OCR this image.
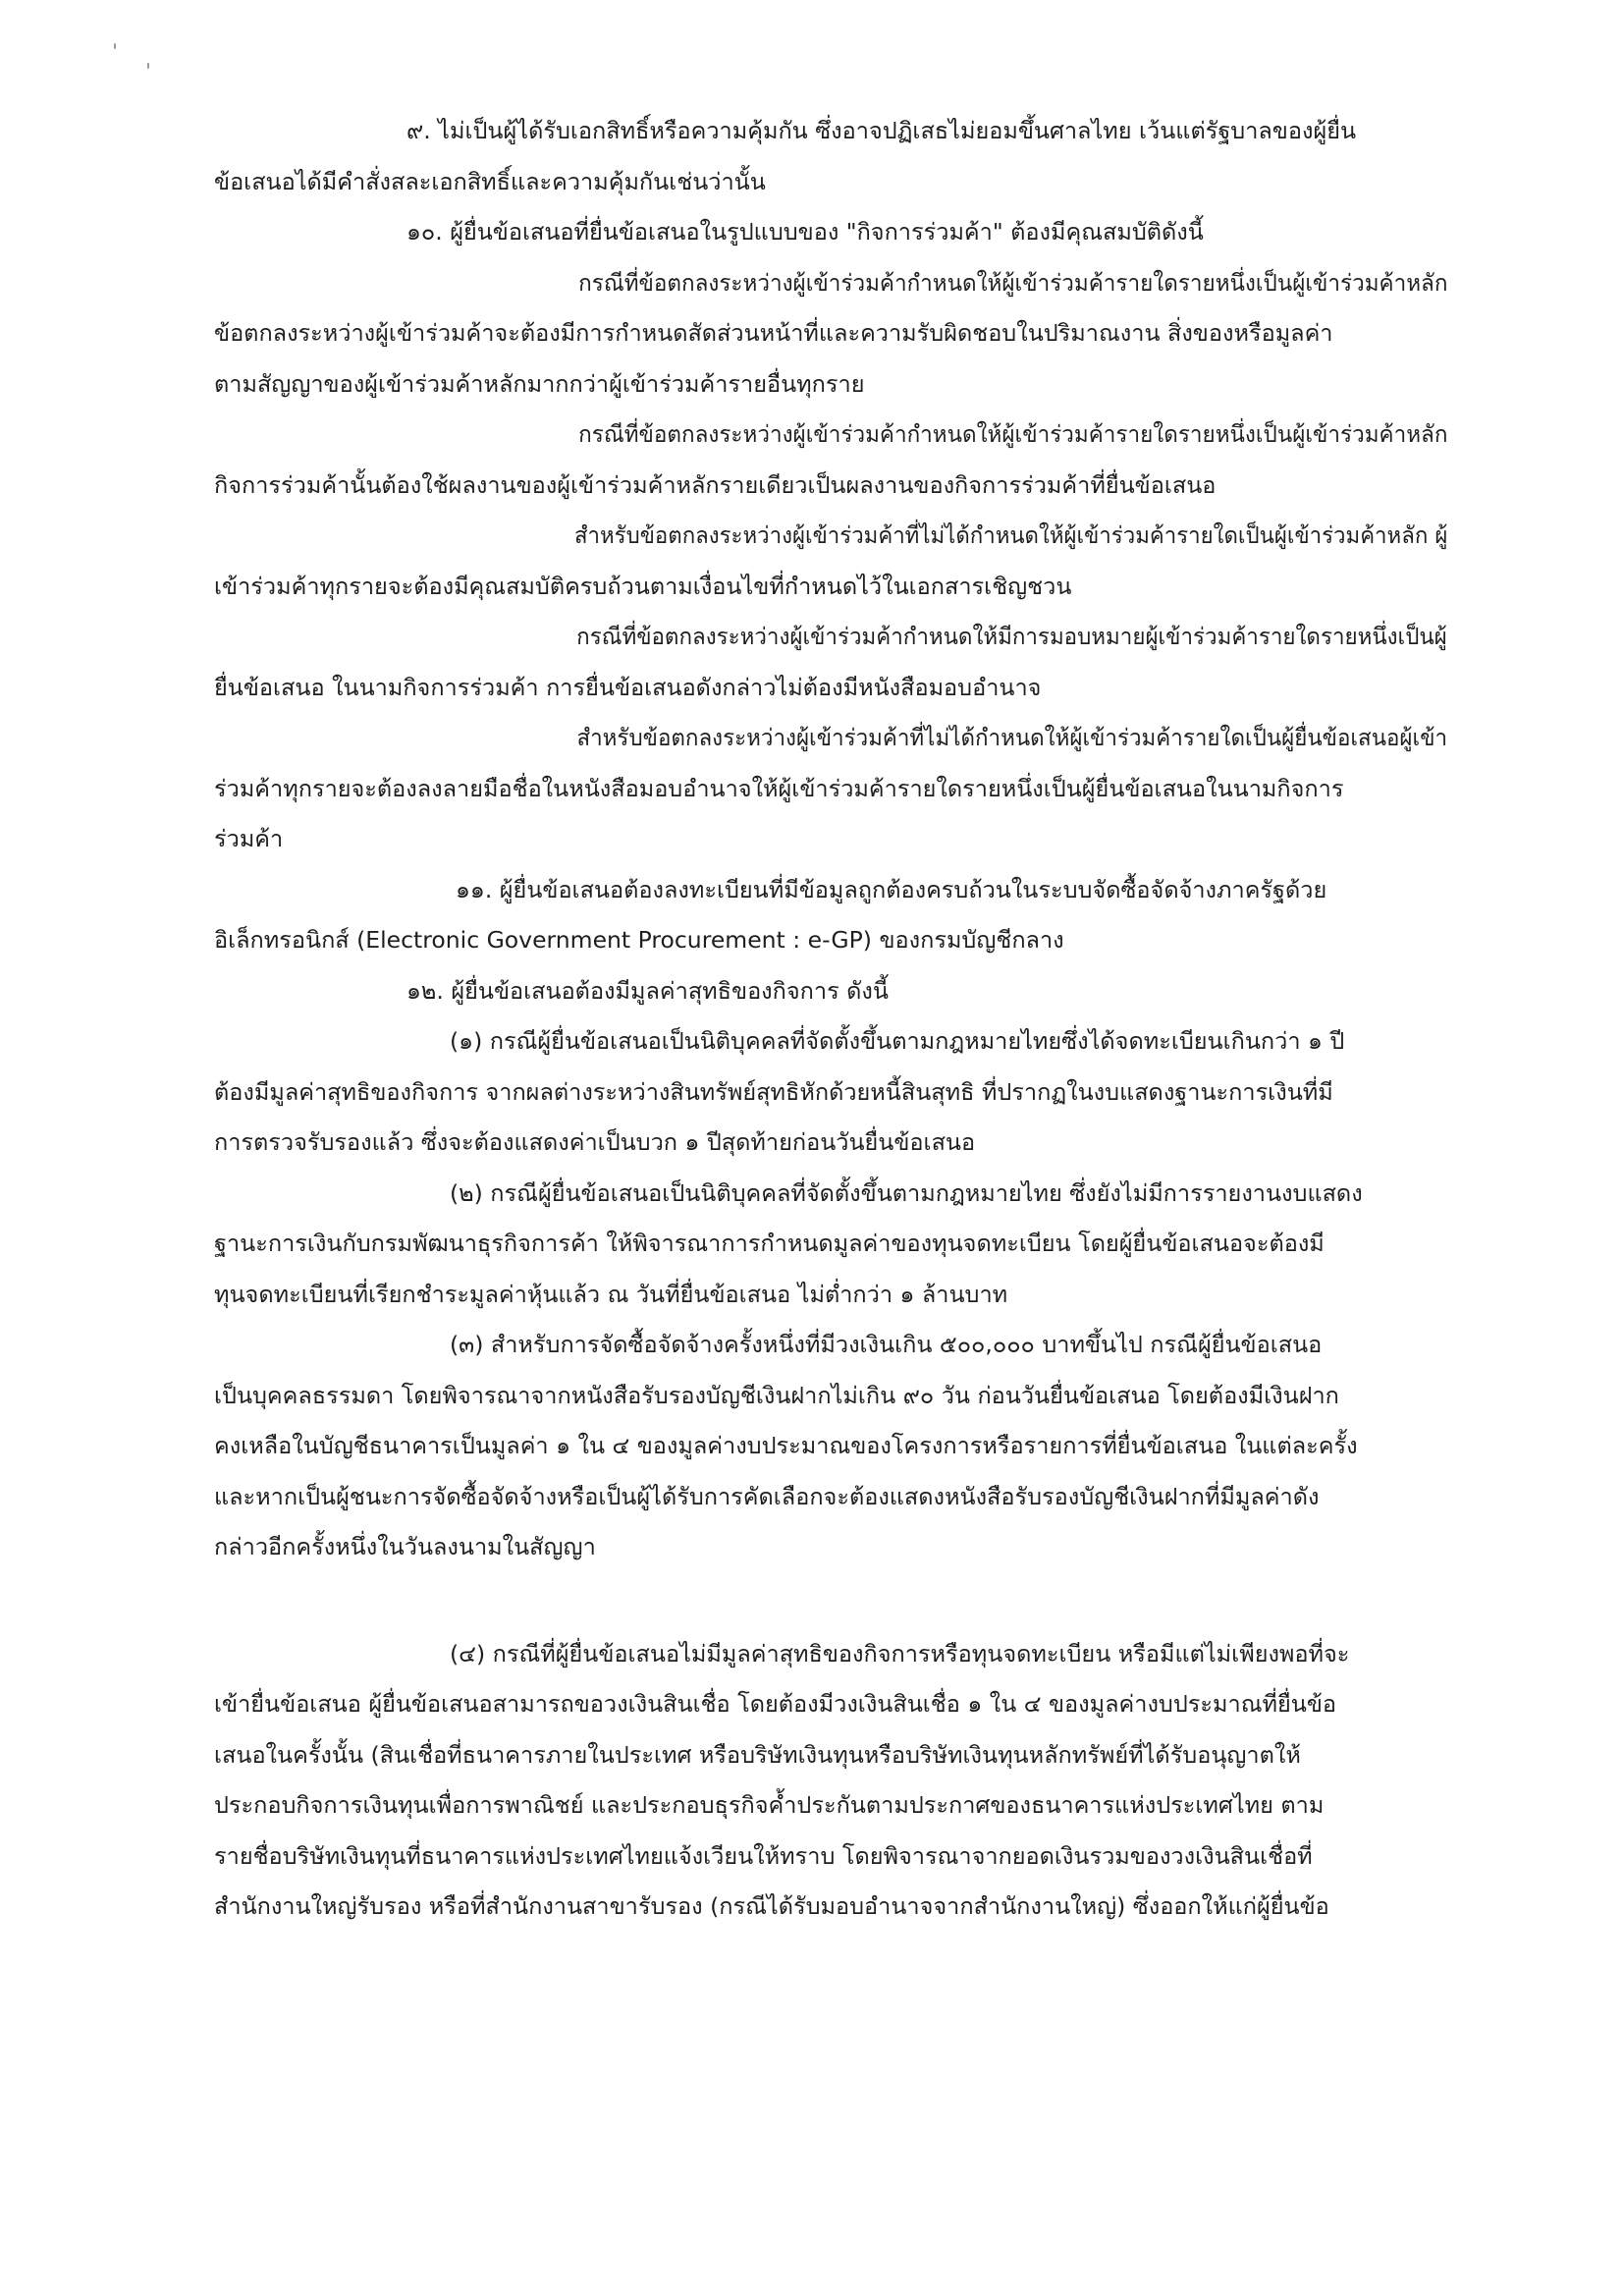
๙. ไม่เป็นผู้ได้รับเอกสิทธิ์หรือความคุ้มกัน ซึ่งอาจปฏิเสธไม่ยอมขึ้นศาลไทย เว้นแต่รัฐบาลของผู้ยื่น
ข้อเสนอได้มีคำสั่งสละเอกสิทธิ์และความคุ้มกันเช่นว่านั้น
๑๐. ผู้ยื่นข้อเสนอที่ยื่นข้อเสนอในรูปแบบของ "กิจการร่วมค้า" ต้องมีคุณสมบัติดังนี้
กรณีที่ข้อตกลงระหว่างผู้เข้าร่วมค้ากำหนดให้ผู้เข้าร่วมค้ารายใดรายหนึ่งเป็นผู้เข้าร่วมค้าหลัก
ข้อตกลงระหว่างผู้เข้าร่วมค้าจะต้องมีการกำหนดสัดส่วนหน้าที่และความรับผิดชอบในปริมาณงาน สิ่งของหรือมูลค่า
ตามสัญญาของผู้เข้าร่วมค้าหลักมากกว่าผู้เข้าร่วมค้ารายอื่นทุกราย
กรณีที่ข้อตกลงระหว่างผู้เข้าร่วมค้ากำหนดให้ผู้เข้าร่วมค้ารายใดรายหนึ่งเป็นผู้เข้าร่วมค้าหลัก
กิจการร่วมค้านั้นต้องใช้ผลงานของผู้เข้าร่วมค้าหลักรายเดียวเป็นผลงานของกิจการร่วมค้าที่ยื่นข้อเสนอ
สำหรับข้อตกลงระหว่างผู้เข้าร่วมค้าที่ไม่ได้กำหนดให้ผู้เข้าร่วมค้ารายใดเป็นผู้เข้าร่วมค้าหลัก ผู้
เข้าร่วมค้าทุกรายจะต้องมีคุณสมบัติครบถ้วนตามเงื่อนไขที่กำหนดไว้ในเอกสารเชิญชวน
กรณีที่ข้อตกลงระหว่างผู้เข้าร่วมค้ากำหนดให้มีการมอบหมายผู้เข้าร่วมค้ารายใดรายหนึ่งเป็นผู้
ยื่นข้อเสนอ ในนามกิจการร่วมค้า การยื่นข้อเสนอดังกล่าวไม่ต้องมีหนังสือมอบอำนาจ
สำหรับข้อตกลงระหว่างผู้เข้าร่วมค้าที่ไม่ได้กำหนดให้ผู้เข้าร่วมค้ารายใดเป็นผู้ยื่นข้อเสนอผู้เข้า
ร่วมค้าทุกรายจะต้องลงลายมือชื่อในหนังสือมอบอำนาจให้ผู้เข้าร่วมค้ารายใดรายหนึ่งเป็นผู้ยื่นข้อเสนอในนามกิจการ
ร่วมค้า
๑๑. ผู้ยื่นข้อเสนอต้องลงทะเบียนที่มีข้อมูลถูกต้องครบถ้วนในระบบจัดซื้อจัดจ้างภาครัฐด้วย
อิเล็กทรอนิกส์ (Electronic Government Procurement : e-GP) ของกรมบัญชีกลาง
๑๒. ผู้ยื่นข้อเสนอต้องมีมูลค่าสุทธิของกิจการ ดังนี้
(๑) กรณีผู้ยื่นข้อเสนอเป็นนิติบุคคลที่จัดตั้งขึ้นตามกฎหมายไทยซึ่งได้จดทะเบียนเกินกว่า ๑ ปี
ต้องมีมูลค่าสุทธิของกิจการ จากผลต่างระหว่างสินทรัพย์สุทธิหักด้วยหนี้สินสุทธิ ที่ปรากฏในงบแสดงฐานะการเงินที่มี
การตรวจรับรองแล้ว ซึ่งจะต้องแสดงค่าเป็นบวก ๑ ปีสุดท้ายก่อนวันยื่นข้อเสนอ
(๒) กรณีผู้ยื่นข้อเสนอเป็นนิติบุคคลที่จัดตั้งขึ้นตามกฎหมายไทย ซึ่งยังไม่มีการรายงานงบแสดง
ฐานะการเงินกับกรมพัฒนาธุรกิจการค้า ให้พิจารณาการกำหนดมูลค่าของทุนจดทะเบียน โดยผู้ยื่นข้อเสนอจะต้องมี
ทุนจดทะเบียนที่เรียกชำระมูลค่าหุ้นแล้ว ณ วันที่ยื่นข้อเสนอ ไม่ต่ำกว่า ๑ ล้านบาท
(๓) สำหรับการจัดซื้อจัดจ้างครั้งหนึ่งที่มีวงเงินเกิน ๕๐๐,๐๐๐ บาทขึ้นไป กรณีผู้ยื่นข้อเสนอ
เป็นบุคคลธรรมดา โดยพิจารณาจากหนังสือรับรองบัญชีเงินฝากไม่เกิน ๙๐ วัน ก่อนวันยื่นข้อเสนอ โดยต้องมีเงินฝาก
คงเหลือในบัญชีธนาคารเป็นมูลค่า ๑ ใน ๔ ของมูลค่างบประมาณของโครงการหรือรายการที่ยื่นข้อเสนอ ในแต่ละครั้ง
และหากเป็นผู้ชนะการจัดซื้อจัดจ้างหรือเป็นผู้ได้รับการคัดเลือกจะต้องแสดงหนังสือรับรองบัญชีเงินฝากที่มีมูลค่าดัง
กล่าวอีกครั้งหนึ่งในวันลงนามในสัญญา
(๔) กรณีที่ผู้ยื่นข้อเสนอไม่มีมูลค่าสุทธิของกิจการหรือทุนจดทะเบียน หรือมีแต่ไม่เพียงพอที่จะ
เข้ายื่นข้อเสนอ ผู้ยื่นข้อเสนอสามารถขอวงเงินสินเชื่อ โดยต้องมีวงเงินสินเชื่อ ๑ ใน ๔ ของมูลค่างบประมาณที่ยื่นข้อ
เสนอในครั้งนั้น (สินเชื่อที่ธนาคารภายในประเทศ หรือบริษัทเงินทุนหรือบริษัทเงินทุนหลักทรัพย์ที่ได้รับอนุญาตให้
ประกอบกิจการเงินทุนเพื่อการพาณิชย์ และประกอบธุรกิจค้ำประกันตามประกาศของธนาคารแห่งประเทศไทย ตาม
รายชื่อบริษัทเงินทุนที่ธนาคารแห่งประเทศไทยแจ้งเวียนให้ทราบ โดยพิจารณาจากยอดเงินรวมของวงเงินสินเชื่อที่
สำนักงานใหญ่รับรอง หรือที่สำนักงานสาขารับรอง (กรณีได้รับมอบอำนาจจากสำนักงานใหญ่) ซึ่งออกให้แก่ผู้ยื่นข้อ
